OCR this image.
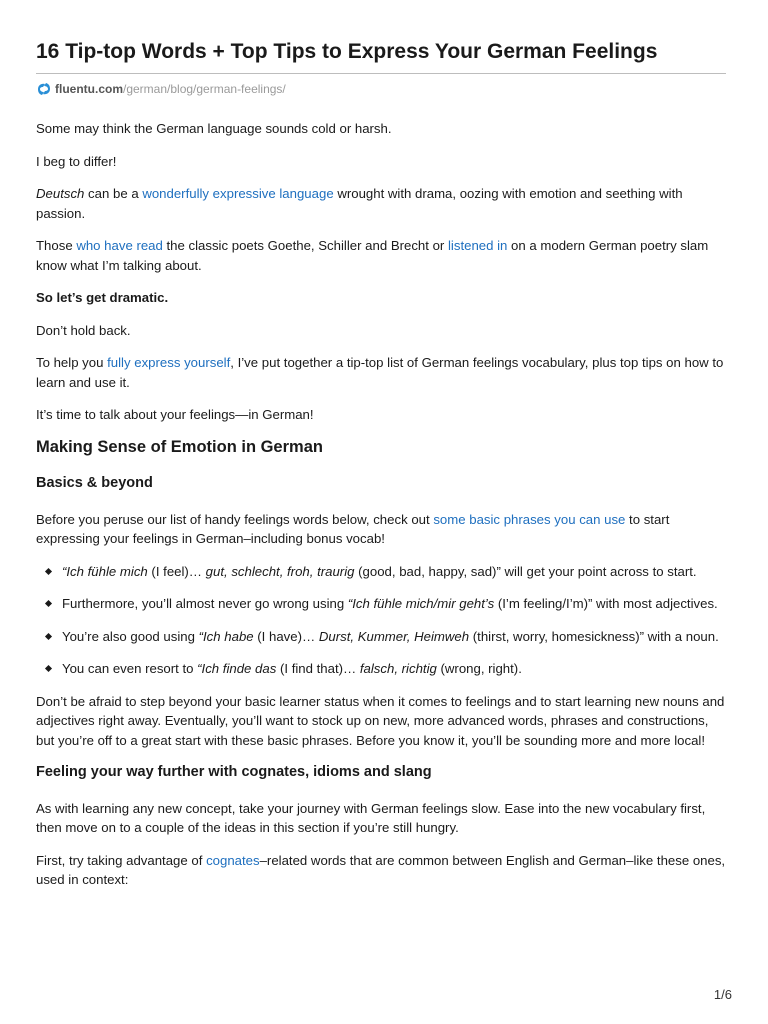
16 Tip-top Words + Top Tips to Express Your German Feelings
fluentu.com /german/blog/german-feelings/

Some may think the German language sounds cold or harsh.

I beg to differ!

Deutsch can be a wonderfully expressive language wrought with drama, oozing with emotion and seething with passion.

Those who have read the classic poets Goethe, Schiller and Brecht or listened in on a modern German poetry slam know what I’m talking about.

So let’s get dramatic.

Don’t hold back.

To help you fully express yourself, I’ve put together a tip-top list of German feelings vocabulary, plus top tips on how to learn and use it.

It’s time to talk about your feelings—in German!

Making Sense of Emotion in German
Basics & beyond

Before you peruse our list of handy feelings words below, check out some basic phrases you can use to start expressing your feelings in German–including bonus vocab!

“Ich fühle mich (I feel)… gut, schlecht, froh, traurig (good, bad, happy, sad)” will get your point across to start.
Furthermore, you’ll almost never go wrong using “Ich fühle mich/mir geht’s (I’m feeling/I’m)” with most adjectives.
You’re also good using “Ich habe (I have)… Durst, Kummer, Heimweh (thirst, worry, homesickness)” with a noun.
You can even resort to “Ich finde das (I find that)… falsch, richtig (wrong, right).

Don’t be afraid to step beyond your basic learner status when it comes to feelings and to start learning new nouns and adjectives right away. Eventually, you’ll want to stock up on new, more advanced words, phrases and constructions, but you’re off to a great start with these basic phrases. Before you know it, you’ll be sounding more and more local!

Feeling your way further with cognates, idioms and slang

As with learning any new concept, take your journey with German feelings slow. Ease into the new vocabulary first, then move on to a couple of the ideas in this section if you’re still hungry.

First, try taking advantage of cognates–related words that are common between English and German–like these ones, used in context:

1/6
